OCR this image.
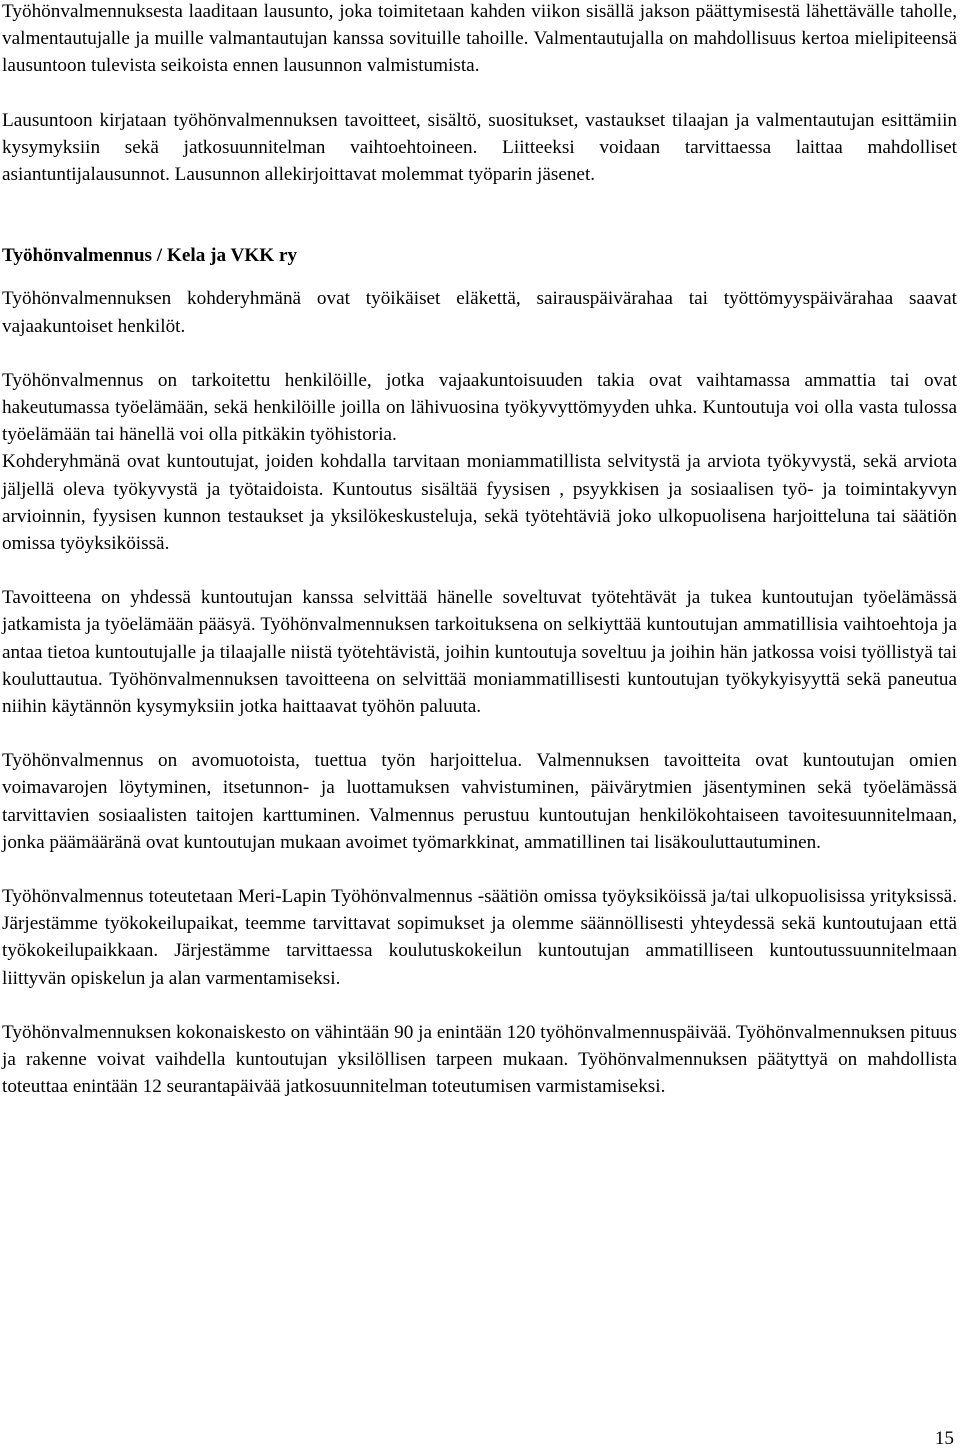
Työhönvalmennuksesta laaditaan lausunto, joka toimitetaan kahden viikon sisällä jakson päättymisestä lähettävälle taholle, valmentautujalle ja muille valmantautujan kanssa sovituille tahoille. Valmentautujalla on mahdollisuus kertoa mielipiteensä lausuntoon tulevista seikoista ennen lausunnon valmistumista.

Lausuntoon kirjataan työhönvalmennuksen tavoitteet, sisältö, suositukset, vastaukset tilaajan ja valmentautujan esittämiin kysymyksiin sekä jatkosuunnitelman vaihtoehtoineen. Liitteeksi voidaan tarvittaessa laittaa mahdolliset asiantuntijalausunnot. Lausunnon allekirjoittavat molemmat työparin jäsenet.

Työhönvalmennus / Kela ja VKK ry

Työhönvalmennuksen kohderyhmänä ovat työikäiset eläkettä, sairauspäivärahaa tai työttömyyspäivärahaa saavat vajaakuntoiset henkilöt.

Työhönvalmennus on tarkoitettu henkilöille, jotka vajaakuntoisuuden takia ovat vaihtamassa ammattia tai ovat hakeutumassa työelämään, sekä henkilöille joilla on lähivuosina työkyvyttömyyden uhka. Kuntoutuja voi olla vasta tulossa työelämään tai hänellä voi olla pitkäkin työhistoria.

Kohderyhmänä ovat kuntoutujat, joiden kohdalla tarvitaan moniammatillista selvitystä ja arviota työkyvystä, sekä arviota jäljellä oleva työkyvystä ja työtaidoista. Kuntoutus sisältää fyysisen , psyykkisen ja sosiaalisen työ- ja toimintakyvyn arvioinnin, fyysisen kunnon testaukset ja yksilökeskusteluja, sekä työtehtäviä joko ulkopuolisena harjoitteluna tai säätiön omissa työyksiköissä.

Tavoitteena on yhdessä kuntoutujan kanssa selvittää hänelle soveltuvat työtehtävät ja tukea kuntoutujan työelämässä jatkamista ja työelämään pääsyä. Työhönvalmennuksen tarkoituksena on selkiyttää kuntoutujan ammatillisia vaihtoehtoja ja antaa tietoa kuntoutujalle ja tilaajalle niistä työtehtävistä, joihin kuntoutuja soveltuu ja joihin hän jatkossa voisi työllistyä tai kouluttautua. Työhönvalmennuksen tavoitteena on selvittää moniammatillisesti kuntoutujan työkykyisyyttä sekä paneutua niihin käytännön kysymyksiin jotka haittaavat työhön paluuta.

Työhönvalmennus on avomuotoista, tuettua työn harjoittelua. Valmennuksen tavoitteita ovat kuntoutujan omien voimavarojen löytyminen, itsetunnon- ja luottamuksen vahvistuminen, päivärytmien jäsentyminen sekä työelämässä tarvittavien sosiaalisten taitojen karttuminen. Valmennus perustuu kuntoutujan henkilökohtaiseen tavoitesuunnitelmaan, jonka päämääränä ovat kuntoutujan mukaan avoimet työmarkkinat, ammatillinen tai lisäkouluttautuminen.

Työhönvalmennus toteutetaan Meri-Lapin Työhönvalmennus -säätiön omissa työyksiköissä ja/tai ulkopuolisissa yrityksissä. Järjestämme työkokeilupaikat, teemme tarvittavat sopimukset ja olemme säännöllisesti yhteydessä sekä kuntoutujaan että työkokeilupaikkaan. Järjestämme tarvittaessa koulutuskokeilun kuntoutujan ammatilliseen kuntoutussuunnitelmaan liittyvän opiskelun ja alan varmentamiseksi.

Työhönvalmennuksen kokonaiskesto on vähintään 90 ja enintään 120 työhönvalmennuspäivää. Työhönvalmennuksen pituus ja rakenne voivat vaihdella kuntoutujan yksilöllisen tarpeen mukaan. Työhönvalmennuksen päätyttyä on mahdollista toteuttaa enintään 12 seurantapäivää jatkosuunnitelman toteutumisen varmistamiseksi.

15
